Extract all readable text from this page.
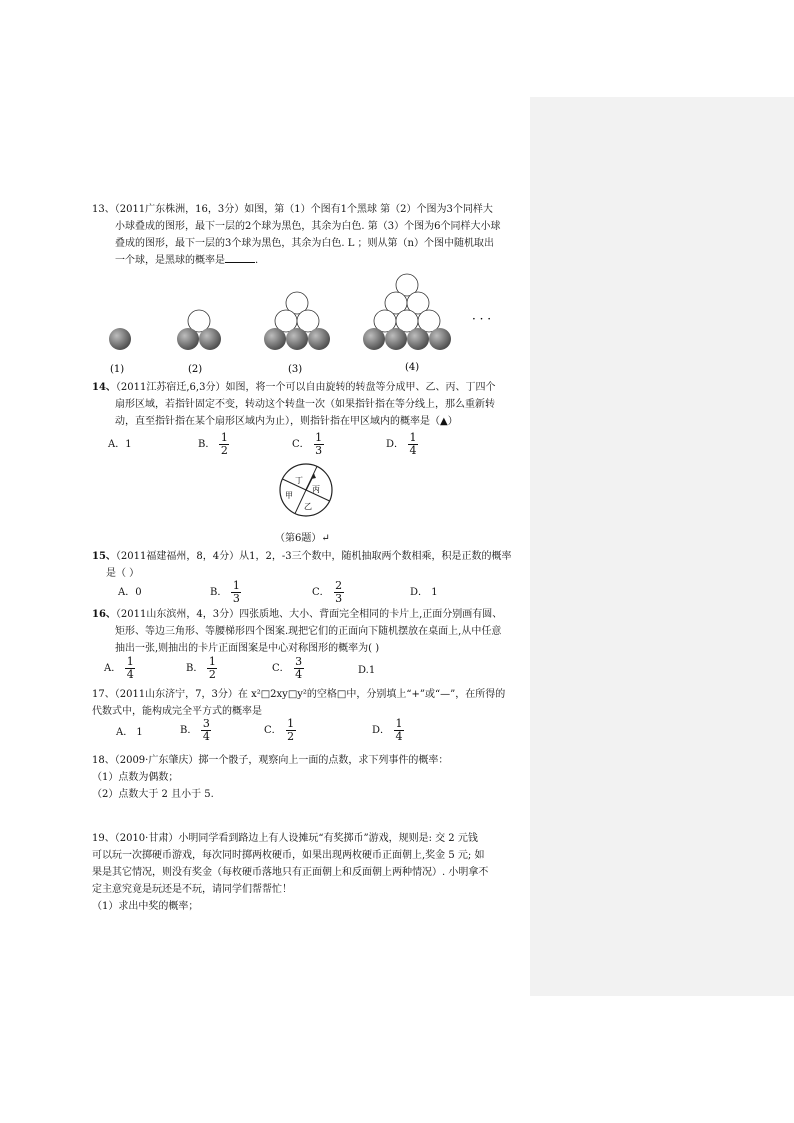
13、（2011广东株洲，16，3分）如图，第（1）个图有1个黑球 第（2）个图为3个同样大
小球叠成的图形，最下一层的2个球为黑色，其余为白色. 第（3）个图为6个同样大小球
叠成的图形，最下一层的3个球为黑色，其余为白色. L ；则从第（n）个图中随机取出
一个球，是黑球的概率是	.
· · ·
(1)	(2)	(3)	(4)
14、（2011江苏宿迁,6,3分）如图，将一个可以自由旋转的转盘等分成甲、乙、丙、丁四个
扇形区域，若指针固定不变，转动这个转盘一次（如果指针指在等分线上，那么重新转
动，直至指针指在某个扇形区域内为止），则指针指在甲区域内的概率是（▲）
A．1	B． $\frac{1}{2}$	C． $\frac{1}{3}$	D． $\frac{1}{4}$
丁
丙
乙
甲
（第6题）↵
15、（2011福建福州，8，4分）从1，2，-3三个数中，随机抽取两个数相乘，积是正数的概率
是（ ）
A．0	B． $\frac{1}{3}$	C． $\frac{2}{3}$	D． 1
16、（2011山东滨州，4，3分）四张质地、大小、背面完全相同的卡片上,正面分别画有圆、
矩形、等边三角形、等腰梯形四个图案.现把它们的正面向下随机摆放在桌面上,从中任意
抽出一张,则抽出的卡片正面图案是中心对称图形的概率为( )
A． $\frac{1}{4}$	B． $\frac{1}{2}$	C． $\frac{3}{4}$	D.1
17、（2011山东济宁，7，3分）在 x²□2xy□y²的空格□中，分别填上“+”或“—”，在所得的
代数式中，能构成完全平方式的概率是
A． 1	B． $\frac{3}{4}$	C． $\frac{1}{2}$	D． $\frac{1}{4}$
18、（2009·广东肇庆）掷一个骰子，观察向上一面的点数，求下列事件的概率：
（1）点数为偶数；
（2）点数大于 2 且小于 5.
19、（2010·甘肃）小明同学看到路边上有人设摊玩“有奖掷币”游戏，规则是: 交 2 元钱
可以玩一次掷硬币游戏，每次同时掷两枚硬币，如果出现两枚硬币正面朝上,奖金 5 元; 如
果是其它情况，则没有奖金（每枚硬币落地只有正面朝上和反面朝上两种情况）. 小明拿不
定主意究竟是玩还是不玩，请同学们帮帮忙！
（1）求出中奖的概率；
